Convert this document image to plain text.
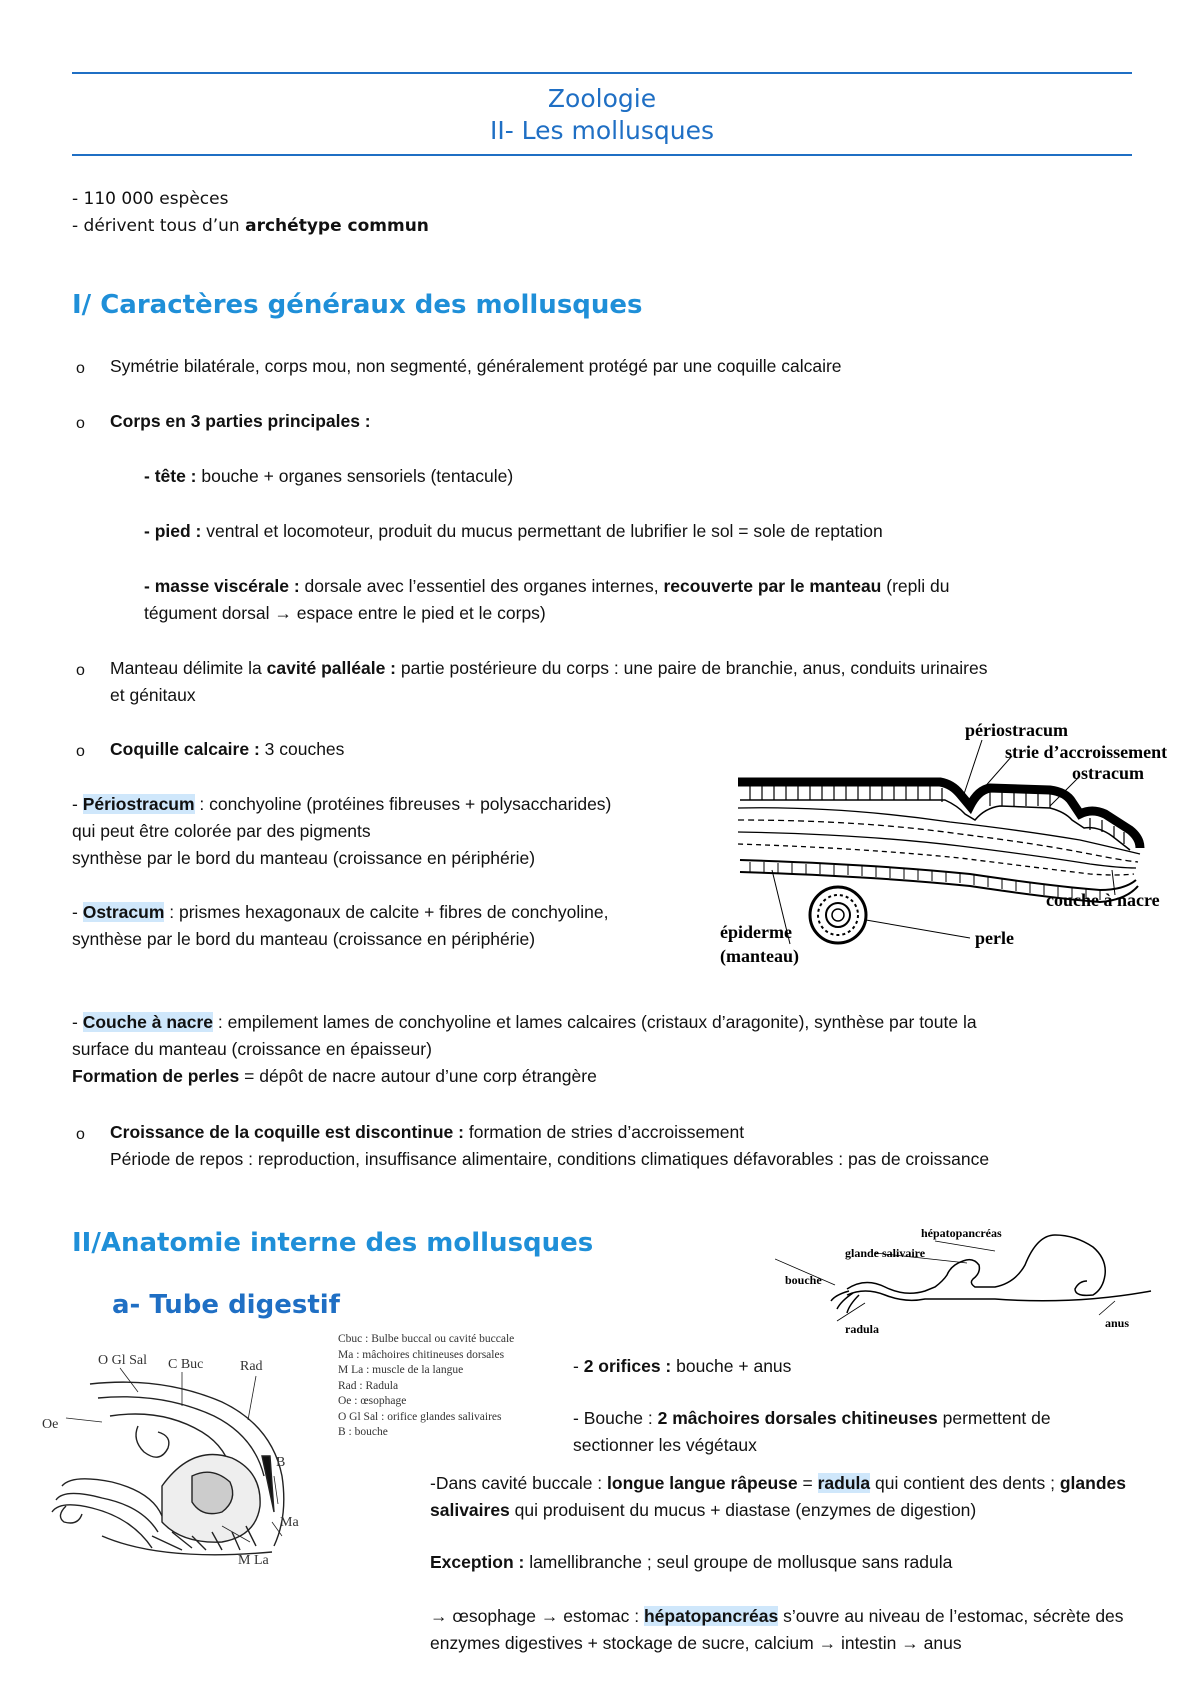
Zoologie
II- Les mollusques
- 110 000 espèces
- dérivent tous d’un archétype commun
I/ Caractères généraux des mollusques
o Symétrie bilatérale, corps mou, non segmenté, généralement protégé par une coquille calcaire
o Corps en 3 parties principales :
- tête : bouche + organes sensoriels (tentacule)
- pied : ventral et locomoteur, produit du mucus permettant de lubrifier le sol = sole de reptation
- masse viscérale : dorsale avec l’essentiel des organes internes, recouverte par le manteau (repli du
tégument dorsal → espace entre le pied et le corps)
o Manteau délimite la cavité palléale : partie postérieure du corps : une paire de branchie, anus, conduits urinaires
et génitaux
o Coquille calcaire : 3 couches
- Périostracum : conchyoline (protéines fibreuses + polysaccharides)
qui peut être colorée par des pigments
synthèse par le bord du manteau (croissance en périphérie)
- Ostracum : prismes hexagonaux de calcite + fibres de conchyoline,
synthèse par le bord du manteau (croissance en périphérie)
périostracum
strie d’accroissement
ostracum
couche à nacre
épiderme
(manteau)
perle
- Couche à nacre : empilement lames de conchyoline et lames calcaires (cristaux d’aragonite), synthèse par toute la
surface du manteau (croissance en épaisseur)
Formation de perles = dépôt de nacre autour d’une corp étrangère
o Croissance de la coquille est discontinue : formation de stries d’accroissement
Période de repos : reproduction, insuffisance alimentaire, conditions climatiques défavorables : pas de croissance
II/Anatomie interne des mollusques
a- Tube digestif
hépatopancréas
glande salivaire
bouche
radula	anus
O Gl Sal C Buc	Rad
Oe
B
Ma
M La
Cbuc : Bulbe buccal ou cavité buccale
Ma : mâchoires chitineuses dorsales
M La : muscle de la langue
Rad : Radula
Oe : œsophage
O Gl Sal : orifice glandes salivaires
B : bouche
- 2 orifices : bouche + anus
- Bouche : 2 mâchoires dorsales chitineuses permettent de
sectionner les végétaux
-Dans cavité buccale : longue langue râpeuse = radula qui contient des dents ; glandes
salivaires qui produisent du mucus + diastase (enzymes de digestion)
Exception : lamellibranche ; seul groupe de mollusque sans radula
→ œsophage → estomac : hépatopancréas s’ouvre au niveau de l’estomac, sécrète des
enzymes digestives + stockage de sucre, calcium → intestin → anus
